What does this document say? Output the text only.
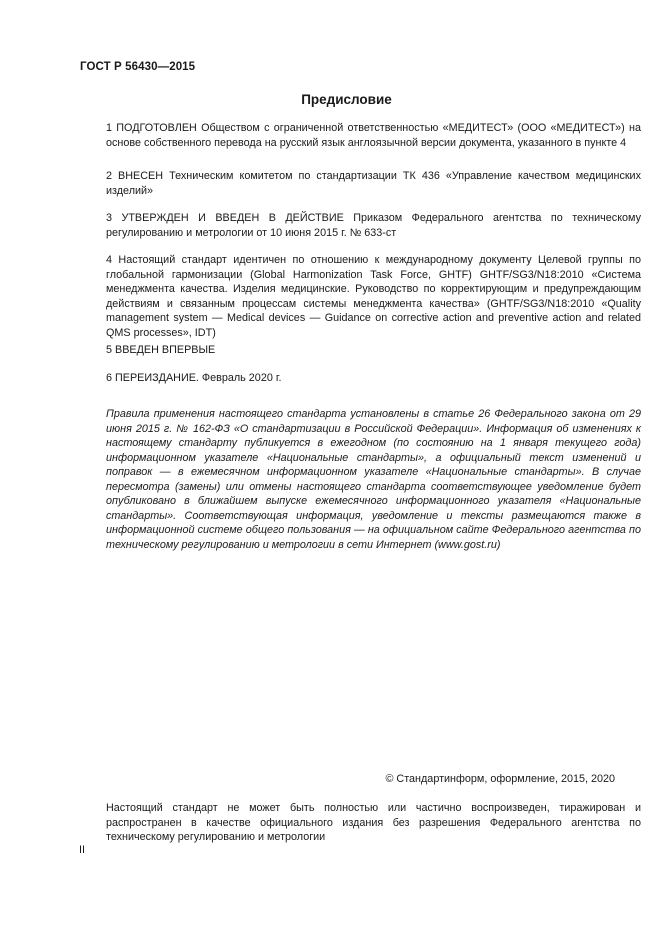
ГОСТ Р 56430—2015
Предисловие

1 ПОДГОТОВЛЕН Обществом с ограниченной ответственностью «МЕДИТЕСТ» (ООО «МЕДИТЕСТ») на основе собственного перевода на русский язык англоязычной версии документа, указанного в пункте 4

2 ВНЕСЕН Техническим комитетом по стандартизации ТК 436 «Управление качеством медицинских изделий»

3 УТВЕРЖДЕН И ВВЕДЕН В ДЕЙСТВИЕ Приказом Федерального агентства по техническому регулированию и метрологии от 10 июня 2015 г. № 633-ст

4 Настоящий стандарт идентичен по отношению к международному документу Целевой группы по глобальной гармонизации (Global Harmonization Task Force, GHTF) GHTF/SG3/N18:2010 «Система менеджмента качества. Изделия медицинские. Руководство по корректирующим и предупреждающим действиям и связанным процессам системы менеджмента качества» (GHTF/SG3/N18:2010 «Quality management system — Medical devices — Guidance on corrective action and preventive action and related QMS processes», IDT)

5 ВВЕДЕН ВПЕРВЫЕ

6 ПЕРЕИЗДАНИЕ. Февраль 2020 г.

Правила применения настоящего стандарта установлены в статье 26 Федерального закона от 29 июня 2015 г. № 162-ФЗ «О стандартизации в Российской Федерации». Информация об изменениях к настоящему стандарту публикуется в ежегодном (по состоянию на 1 января текущего года) информационном указателе «Национальные стандарты», а официальный текст изменений и поправок — в ежемесячном информационном указателе «Национальные стандарты». В случае пересмотра (замены) или отмены настоящего стандарта соответствующее уведомление будет опубликовано в ближайшем выпуске ежемесячного информационного указателя «Национальные стандарты». Соответствующая информация, уведомление и тексты размещаются также в информационной системе общего пользования — на официальном сайте Федерального агентства по техническому регулированию и метрологии в сети Интернет (www.gost.ru)

© Стандартинформ, оформление, 2015, 2020

Настоящий стандарт не может быть полностью или частично воспроизведен, тиражирован и распространен в качестве официального издания без разрешения Федерального агентства по техническому регулированию и метрологии

II
